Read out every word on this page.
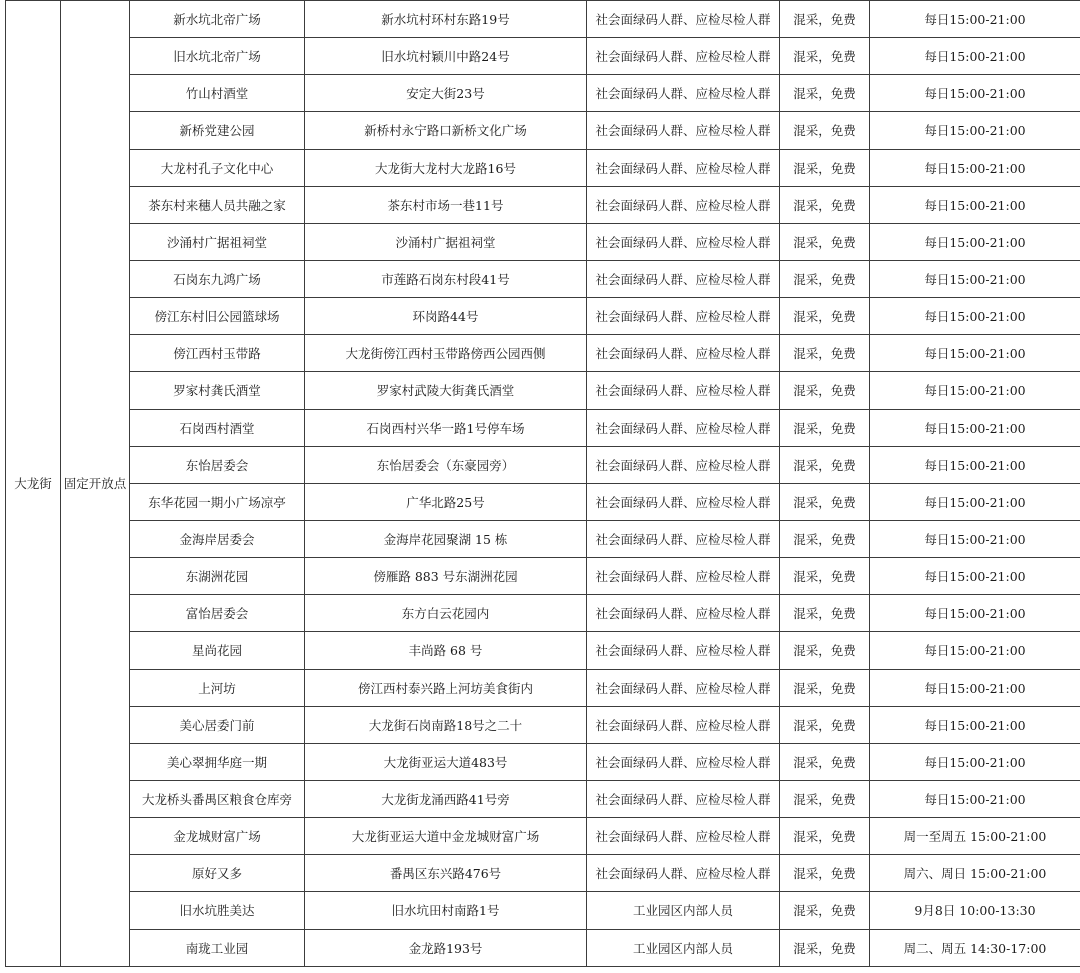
大龙街	固定开放点	新水坑北帝广场	新水坑村环村东路19号	社会面绿码人群、应检尽检人群	混采，免费	每日15:00-21:00
		旧水坑北帝广场	旧水坑村颖川中路24号	社会面绿码人群、应检尽检人群	混采，免费	每日15:00-21:00
		竹山村酒堂	安定大街23号	社会面绿码人群、应检尽检人群	混采，免费	每日15:00-21:00
		新桥党建公园	新桥村永宁路口新桥文化广场	社会面绿码人群、应检尽检人群	混采，免费	每日15:00-21:00
		大龙村孔子文化中心	大龙街大龙村大龙路16号	社会面绿码人群、应检尽检人群	混采，免费	每日15:00-21:00
		茶东村来穗人员共融之家	茶东村市场一巷11号	社会面绿码人群、应检尽检人群	混采，免费	每日15:00-21:00
		沙涌村广据祖祠堂	沙涌村广据祖祠堂	社会面绿码人群、应检尽检人群	混采，免费	每日15:00-21:00
		石岗东九鸿广场	市莲路石岗东村段41号	社会面绿码人群、应检尽检人群	混采，免费	每日15:00-21:00
		傍江东村旧公园篮球场	环岗路44号	社会面绿码人群、应检尽检人群	混采，免费	每日15:00-21:00
		傍江西村玉带路	大龙街傍江西村玉带路傍西公园西侧	社会面绿码人群、应检尽检人群	混采，免费	每日15:00-21:00
		罗家村龚氏酒堂	罗家村武陵大街龚氏酒堂	社会面绿码人群、应检尽检人群	混采，免费	每日15:00-21:00
		石岗西村酒堂	石岗西村兴华一路1号停车场	社会面绿码人群、应检尽检人群	混采，免费	每日15:00-21:00
		东怡居委会	东怡居委会（东豪园旁）	社会面绿码人群、应检尽检人群	混采，免费	每日15:00-21:00
		东华花园一期小广场凉亭	广华北路25号	社会面绿码人群、应检尽检人群	混采，免费	每日15:00-21:00
		金海岸居委会	金海岸花园聚湖 15 栋	社会面绿码人群、应检尽检人群	混采，免费	每日15:00-21:00
		东湖洲花园	傍雁路 883 号东湖洲花园	社会面绿码人群、应检尽检人群	混采，免费	每日15:00-21:00
		富怡居委会	东方白云花园内	社会面绿码人群、应检尽检人群	混采，免费	每日15:00-21:00
		星尚花园	丰尚路 68 号	社会面绿码人群、应检尽检人群	混采，免费	每日15:00-21:00
		上河坊	傍江西村泰兴路上河坊美食街内	社会面绿码人群、应检尽检人群	混采，免费	每日15:00-21:00
		美心居委门前	大龙街石岗南路18号之二十	社会面绿码人群、应检尽检人群	混采，免费	每日15:00-21:00
		美心翠拥华庭一期	大龙街亚运大道483号	社会面绿码人群、应检尽检人群	混采，免费	每日15:00-21:00
		大龙桥头番禺区粮食仓库旁	大龙街龙涌西路41号旁	社会面绿码人群、应检尽检人群	混采，免费	每日15:00-21:00
		金龙城财富广场	大龙街亚运大道中金龙城财富广场	社会面绿码人群、应检尽检人群	混采，免费	周一至周五 15:00-21:00
		原好又多	番禺区东兴路476号	社会面绿码人群、应检尽检人群	混采，免费	周六、周日 15:00-21:00
		旧水坑胜美达	旧水坑田村南路1号	工业园区内部人员	混采，免费	9月8日 10:00-13:30
		南珑工业园	金龙路193号	工业园区内部人员	混采，免费	周二、周五 14:30-17:00
